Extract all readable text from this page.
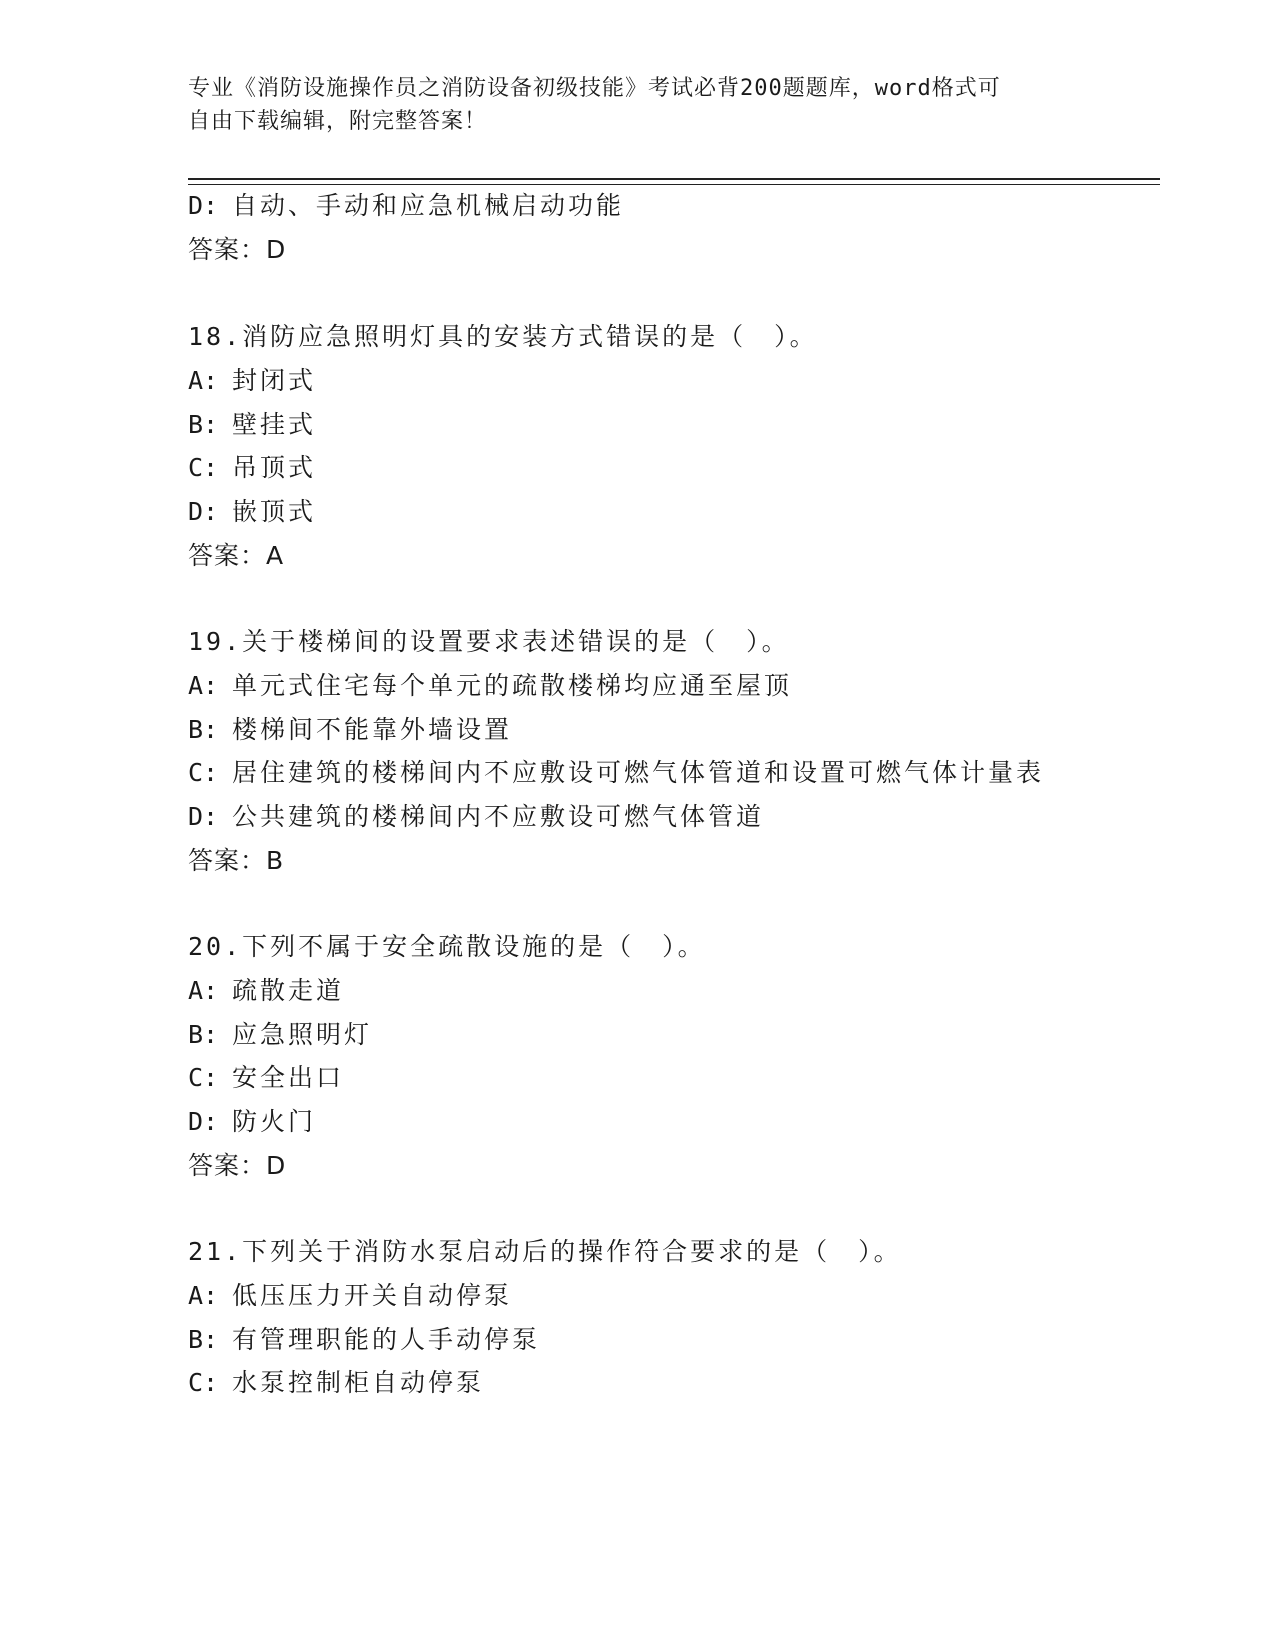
专业《消防设施操作员之消防设备初级技能》考试必背200题题库，word格式可
自由下载编辑，附完整答案！
D: 自动、手动和应急机械启动功能
答案：D
18.消防应急照明灯具的安装方式错误的是（　）。
A: 封闭式
B: 壁挂式
C: 吊顶式
D: 嵌顶式
答案：A
19.关于楼梯间的设置要求表述错误的是（　）。
A: 单元式住宅每个单元的疏散楼梯均应通至屋顶
B: 楼梯间不能靠外墙设置
C: 居住建筑的楼梯间内不应敷设可燃气体管道和设置可燃气体计量表
D: 公共建筑的楼梯间内不应敷设可燃气体管道
答案：B
20.下列不属于安全疏散设施的是（　）。
A: 疏散走道
B: 应急照明灯
C: 安全出口
D: 防火门
答案：D
21.下列关于消防水泵启动后的操作符合要求的是（　）。
A: 低压压力开关自动停泵
B: 有管理职能的人手动停泵
C: 水泵控制柜自动停泵
